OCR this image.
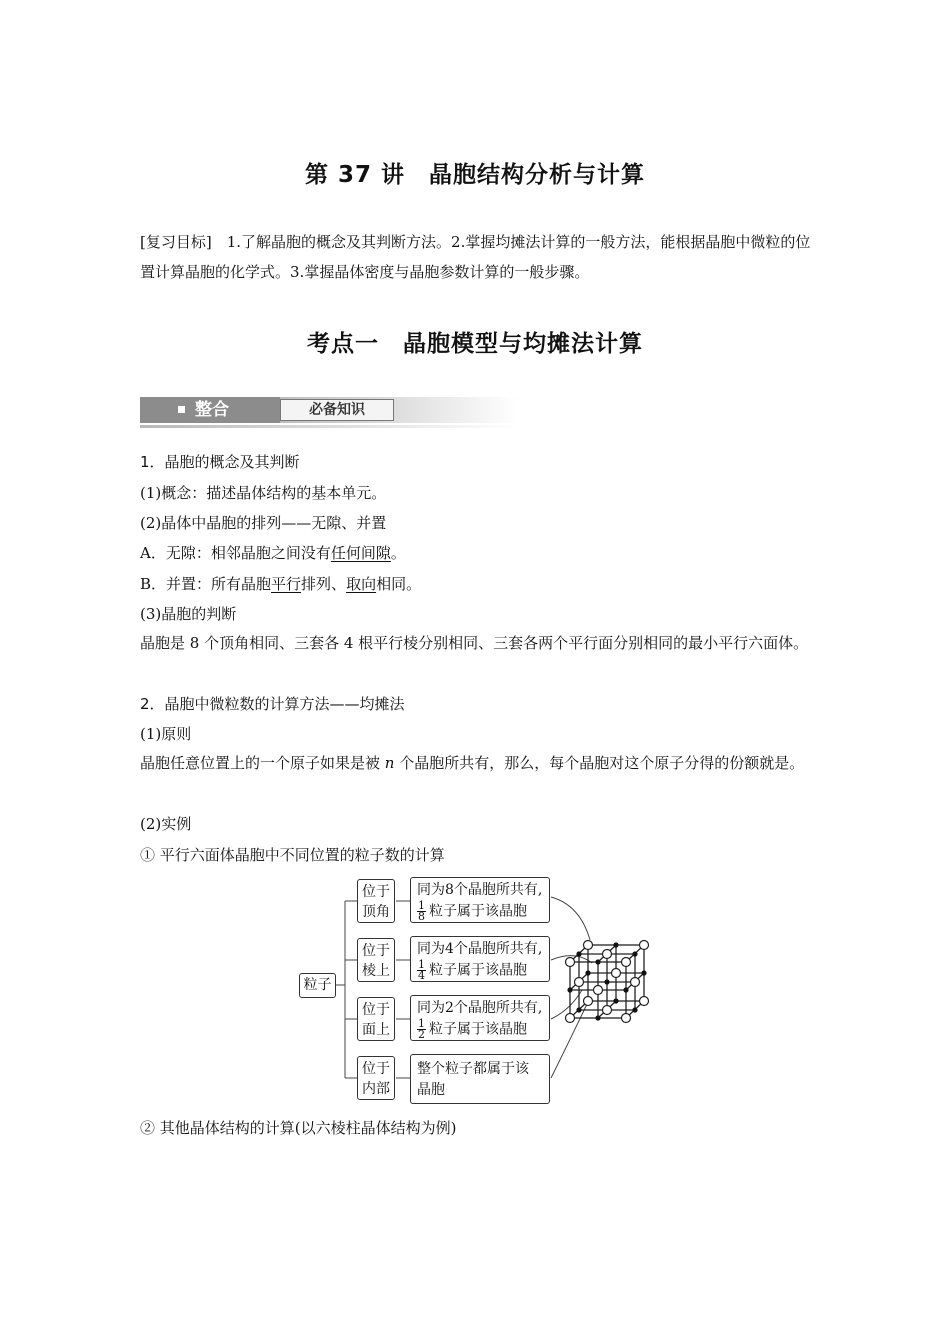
第 37 讲　晶胞结构分析与计算
[复习目标]　1.了解晶胞的概念及其判断方法。2.掌握均摊法计算的一般方法，能根据晶胞中微粒的位置计算晶胞的化学式。3.掌握晶体密度与晶胞参数计算的一般步骤。
考点一　晶胞模型与均摊法计算
整合	必备知识
1．晶胞的概念及其判断
(1)概念：描述晶体结构的基本单元。
(2)晶体中晶胞的排列——无隙、并置
A．无隙：相邻晶胞之间没有任何间隙。
B．并置：所有晶胞平行排列、取向相同。
(3)晶胞的判断
晶胞是 8 个顶角相同、三套各 4 根平行棱分别相同、三套各两个平行面分别相同的最小平行六面体。
2．晶胞中微粒数的计算方法——均摊法
(1)原则
晶胞任意位置上的一个原子如果是被 n 个晶胞所共有，那么，每个晶胞对这个原子分得的份额就是。
(2)实例
① 平行六面体晶胞中不同位置的粒子数的计算
粒子
位于
顶角
同为8个晶胞所共有,
$\frac{1}{8}$ 粒子属于该晶胞
位于
棱上
同为4个晶胞所共有,
$\frac{1}{4}$ 粒子属于该晶胞
位于
面上
同为2个晶胞所共有,
$\frac{1}{2}$ 粒子属于该晶胞
位于
内部
整个粒子都属于该
晶胞
② 其他晶体结构的计算(以六棱柱晶体结构为例)
